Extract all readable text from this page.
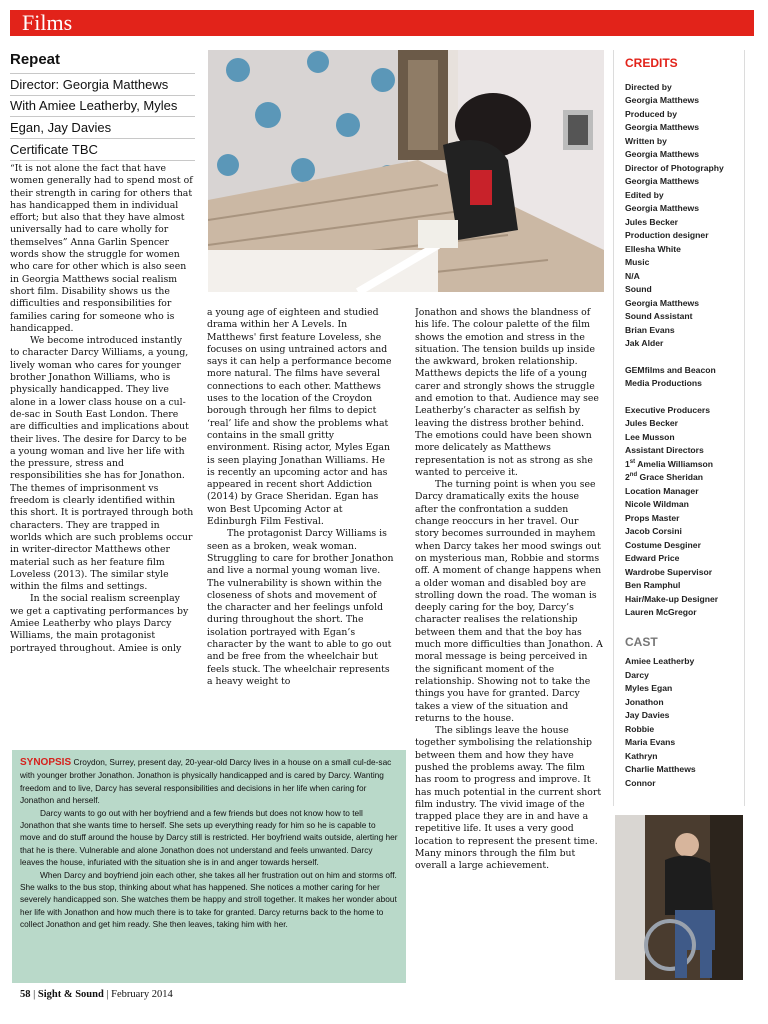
Films
Repeat
Director: Georgia Matthews
With Amiee Leatherby, Myles
Egan, Jay Davies
Certificate TBC

“It is not alone the fact that have women generally had to spend most of their strength in caring for others that has handicapped them in individual effort; but also that they have almost universally had to care wholly for themselves” Anna Garlin Spencer words show the struggle for women who care for other which is also seen in Georgia Matthews social realism short film. Disability shows us the difficulties and responsibilities for families caring for someone who is handicapped.

We become introduced instantly to character Darcy Williams, a young, lively woman who cares for younger brother Jonathon Williams, who is physically handicapped. They live alone in a lower class house on a cul-de-sac in South East London. There are difficulties and implications about their lives. The desire for Darcy to be a young woman and live her life with the pressure, stress and responsibilities she has for Jonathon. The themes of imprisonment vs freedom is clearly identified within this short. It is portrayed through both characters. They are trapped in worlds which are such problems occur in writer-director Matthews other material such as her feature film Loveless (2013). The similar style within the films and settings.

In the social realism screenplay we get a captivating performances by Amiee Leatherby who plays Darcy Williams, the main protagonist portrayed throughout. Amiee is only

a young age of eighteen and studied drama within her A Levels. In Matthews' first feature Loveless, she focuses on using untrained actors and says it can help a performance become more natural. The films have several connections to each other. Matthews uses to the location of the Croydon borough through her films to depict ‘real’ life and show the problems what contains in the small gritty environment. Rising actor, Myles Egan is seen playing Jonathan Williams. He is recently an upcoming actor and has appeared in recent short Addiction (2014) by Grace Sheridan. Egan has won Best Upcoming Actor at Edinburgh Film Festival.

The protagonist Darcy Williams is seen as a broken, weak woman. Struggling to care for brother Jonathon and live a normal young woman live. The vulnerability is shown within the closeness of shots and movement of the character and her feelings unfold during throughout the short. The isolation portrayed with Egan’s character by the want to able to go out and be free from the wheelchair but feels stuck. The wheelchair represents a heavy weight to

Jonathon and shows the blandness of his life. The colour palette of the film shows the emotion and stress in the situation. The tension builds up inside the awkward, broken relationship. Matthews depicts the life of a young carer and strongly shows the struggle and emotion to that. Audience may see Leatherby’s character as selfish by leaving the distress brother behind. The emotions could have been shown more delicately as Matthews representation is not as strong as she wanted to perceive it.

The turning point is when you see Darcy dramatically exits the house after the confrontation a sudden change reoccurs in her travel. Our story becomes surrounded in mayhem when Darcy takes her mood swings out on mysterious man, Robbie and storms off. A moment of change happens when a older woman and disabled boy are strolling down the road. The woman is deeply caring for the boy, Darcy’s character realises the relationship between them and that the boy has much more difficulties than Jonathon. A moral message is being perceived in the significant moment of the relationship. Showing not to take the things you have for granted. Darcy takes a view of the situation and returns to the house.

The siblings leave the house together symbolising the relationship between them and how they have pushed the problems away. The film has room to progress and improve. It has much potential in the current short film industry. The vivid image of the trapped place they are in and have a repetitive life. It uses a very good location to represent the present time. Many minors through the film but overall a large achievement.

SYNOPSIS Croydon, Surrey, present day, 20-year-old Darcy lives in a house on a small cul-de-sac with younger brother Jonathon. Jonathon is physically handicapped and is cared by Darcy. Wanting freedom and to live, Darcy has several responsibilities and decisions in her life when caring for Jonathon and herself.

Darcy wants to go out with her boyfriend and a few friends but does not know how to tell Jonathon that she wants time to herself. She sets up everything ready for him so he is capable to move and do stuff around the house by Darcy still is restricted. Her boyfriend waits outside, alerting her that he is there. Vulnerable and alone Jonathon does not understand and feels unwanted. Darcy leaves the house, infuriated with the situation she is in and anger towards herself.

When Darcy and boyfriend join each other, she takes all her frustration out on him and storms off. She walks to the bus stop, thinking about what has happened. She notices a mother caring for her severely handicapped son. She watches them be happy and stroll together. It makes her wonder about her life with Jonathon and how much there is to take for granted. Darcy returns back to the home to collect Jonathon and get him ready. She then leaves, taking him with her.

CREDITS
Directed by
Georgia Matthews
Produced by
Georgia Matthews
Written by
Georgia Matthews
Director of Photography
Georgia Matthews
Edited by
Georgia Matthews
Jules Becker
Production designer
Ellesha White
Music
N/A
Sound
Georgia Matthews
Sound Assistant
Brian Evans
Jak Alder
GEMfilms and Beacon
Media Productions
Executive Producers
Jules Becker
Lee Musson
Assistant Directors
1st Amelia Williamson
2nd Grace Sheridan
Location Manager
Nicole Wildman
Props Master
Jacob Corsini
Costume Desginer
Edward Price
Wardrobe Supervisor
Ben Ramphul
Hair/Make-up Designer
Lauren McGregor
CAST
Amiee Leatherby
Darcy
Myles Egan
Jonathon
Jay Davies
Robbie
Maria Evans
Kathryn
Charlie Matthews
Connor
58 | Sight & Sound | February 2014
